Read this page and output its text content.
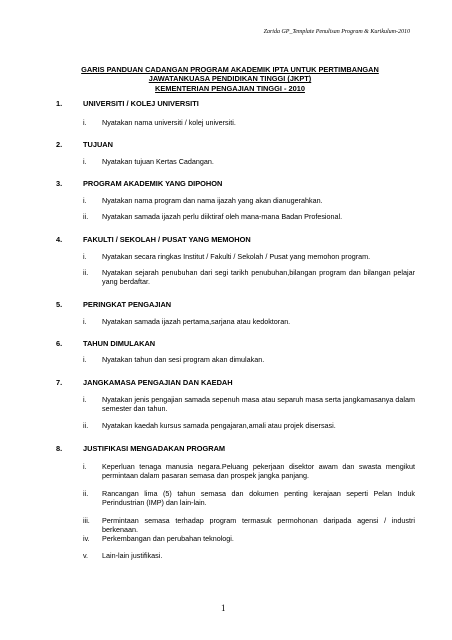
Zarida GP_Template Penulisan Program & Kurikulum-2010
GARIS PANDUAN CADANGAN PROGRAM AKADEMIK IPTA UNTUK PERTIMBANGAN
JAWATANKUASA PENDIDIKAN TINGGI (JKPT)
KEMENTERIAN PENGAJIAN TINGGI - 2010
1.	UNIVERSITI / KOLEJ UNIVERSITI
i. Nyatakan nama universiti / kolej universiti.
2.	TUJUAN
i. Nyatakan tujuan Kertas Cadangan.
3.	PROGRAM AKADEMIK YANG DIPOHON
i. Nyatakan nama program dan nama ijazah yang akan dianugerahkan.
ii. Nyatakan samada ijazah perlu diiktiraf oleh mana-mana Badan Profesional.
4.	FAKULTI / SEKOLAH / PUSAT YANG MEMOHON
i. Nyatakan secara ringkas Institut / Fakulti / Sekolah / Pusat yang memohon program.
ii. Nyatakan sejarah penubuhan dari segi tarikh penubuhan,bilangan program dan bilangan pelajar yang berdaftar.
5.	PERINGKAT PENGAJIAN
i. Nyatakan samada ijazah pertama,sarjana atau kedoktoran.
6.	TAHUN DIMULAKAN
i. Nyatakan tahun dan sesi program akan dimulakan.
7.	JANGKAMASA PENGAJIAN DAN KAEDAH
i. Nyatakan jenis pengajian samada sepenuh masa atau separuh masa serta jangkamasanya dalam semester dan tahun.
ii. Nyatakan kaedah kursus samada pengajaran,amali atau projek disersasi.
8.	JUSTIFIKASI MENGADAKAN PROGRAM
i. Keperluan tenaga manusia negara.Peluang pekerjaan disektor awam dan swasta mengikut permintaan dalam pasaran semasa dan prospek jangka panjang.
ii. Rancangan lima (5) tahun semasa dan dokumen penting kerajaan seperti Pelan Induk Perindustrian (IMP) dan lain-lain.
iii. Permintaan semasa terhadap program termasuk permohonan daripada agensi / industri berkenaan.
iv. Perkembangan dan perubahan teknologi.
v. Lain-lain justifikasi.
1
